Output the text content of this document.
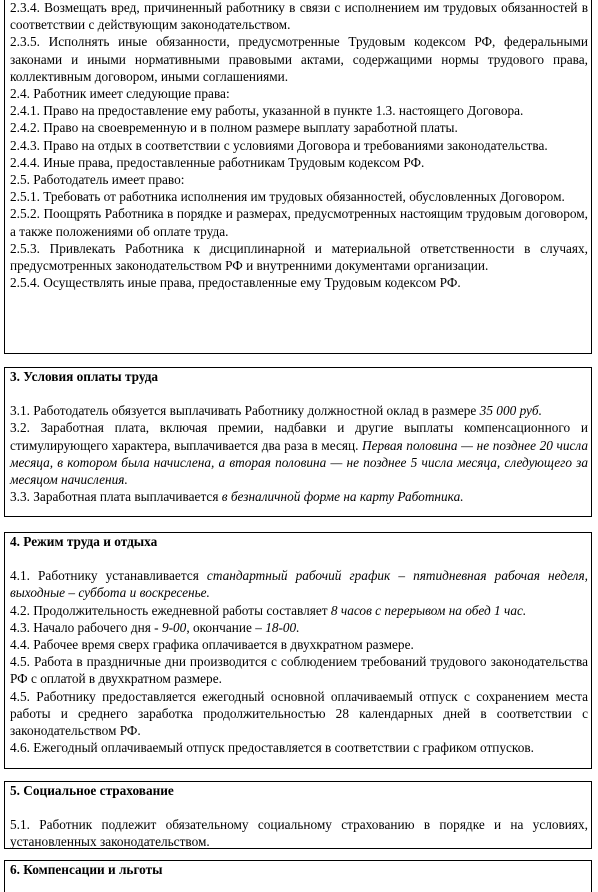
2.3.4. Возмещать вред, причиненный работнику в связи с исполнением им трудовых обязанностей в соответствии с действующим законодательством.

2.3.5. Исполнять иные обязанности, предусмотренные Трудовым кодексом РФ, федеральными законами и иными нормативными правовыми актами, содержащими нормы трудового права, коллективным договором, иными соглашениями.

2.4. Работник имеет следующие права:

2.4.1. Право на предоставление ему работы, указанной в пункте 1.3. настоящего Договора.

2.4.2. Право на своевременную и в полном размере выплату заработной платы.

2.4.3. Право на отдых в соответствии с условиями Договора и требованиями законодательства.

2.4.4. Иные права, предоставленные работникам Трудовым кодексом РФ.

2.5. Работодатель имеет право:

2.5.1. Требовать от работника исполнения им трудовых обязанностей, обусловленных Договором.

2.5.2. Поощрять Работника в порядке и размерах, предусмотренных настоящим трудовым договором, а также положениями об оплате труда.

2.5.3. Привлекать Работника к дисциплинарной и материальной ответственности в случаях, предусмотренных законодательством РФ и внутренними документами организации.

2.5.4. Осуществлять иные права, предоставленные ему Трудовым кодексом РФ.

3. Условия оплаты труда

3.1. Работодатель обязуется выплачивать Работнику должностной оклад в размере 35 000 руб.

3.2. Заработная плата, включая премии, надбавки и другие выплаты компенсационного и стимулирующего характера, выплачивается два раза в месяц. Первая половина — не позднее 20 числа месяца, в котором была начислена, а вторая половина — не позднее 5 числа месяца, следующего за месяцом начисления.

3.3. Заработная плата выплачивается в безналичной форме на карту Работника.

4. Режим труда и отдыха

4.1. Работнику устанавливается стандартный рабочий график – пятидневная рабочая неделя, выходные – суббота и воскресенье.

4.2. Продолжительность ежедневной работы составляет 8 часов с перерывом на обед 1 час.

4.3. Начало рабочего дня - 9-00, окончание – 18-00.

4.4. Рабочее время сверх графика оплачивается в двухкратном размере.

4.5. Работа в праздничные дни производится с соблюдением требований трудового законодательства РФ с оплатой в двухкратном размере.

4.5. Работнику предоставляется ежегодный основной оплачиваемый отпуск с сохранением места работы и среднего заработка продолжительностью 28 календарных дней в соответствии с законодательством РФ.

4.6. Ежегодный оплачиваемый отпуск предоставляется в соответствии с графиком отпусков.

5. Социальное страхование

5.1. Работник подлежит обязательному социальному страхованию в порядке и на условиях, установленных законодательством.

6. Компенсации и льготы
